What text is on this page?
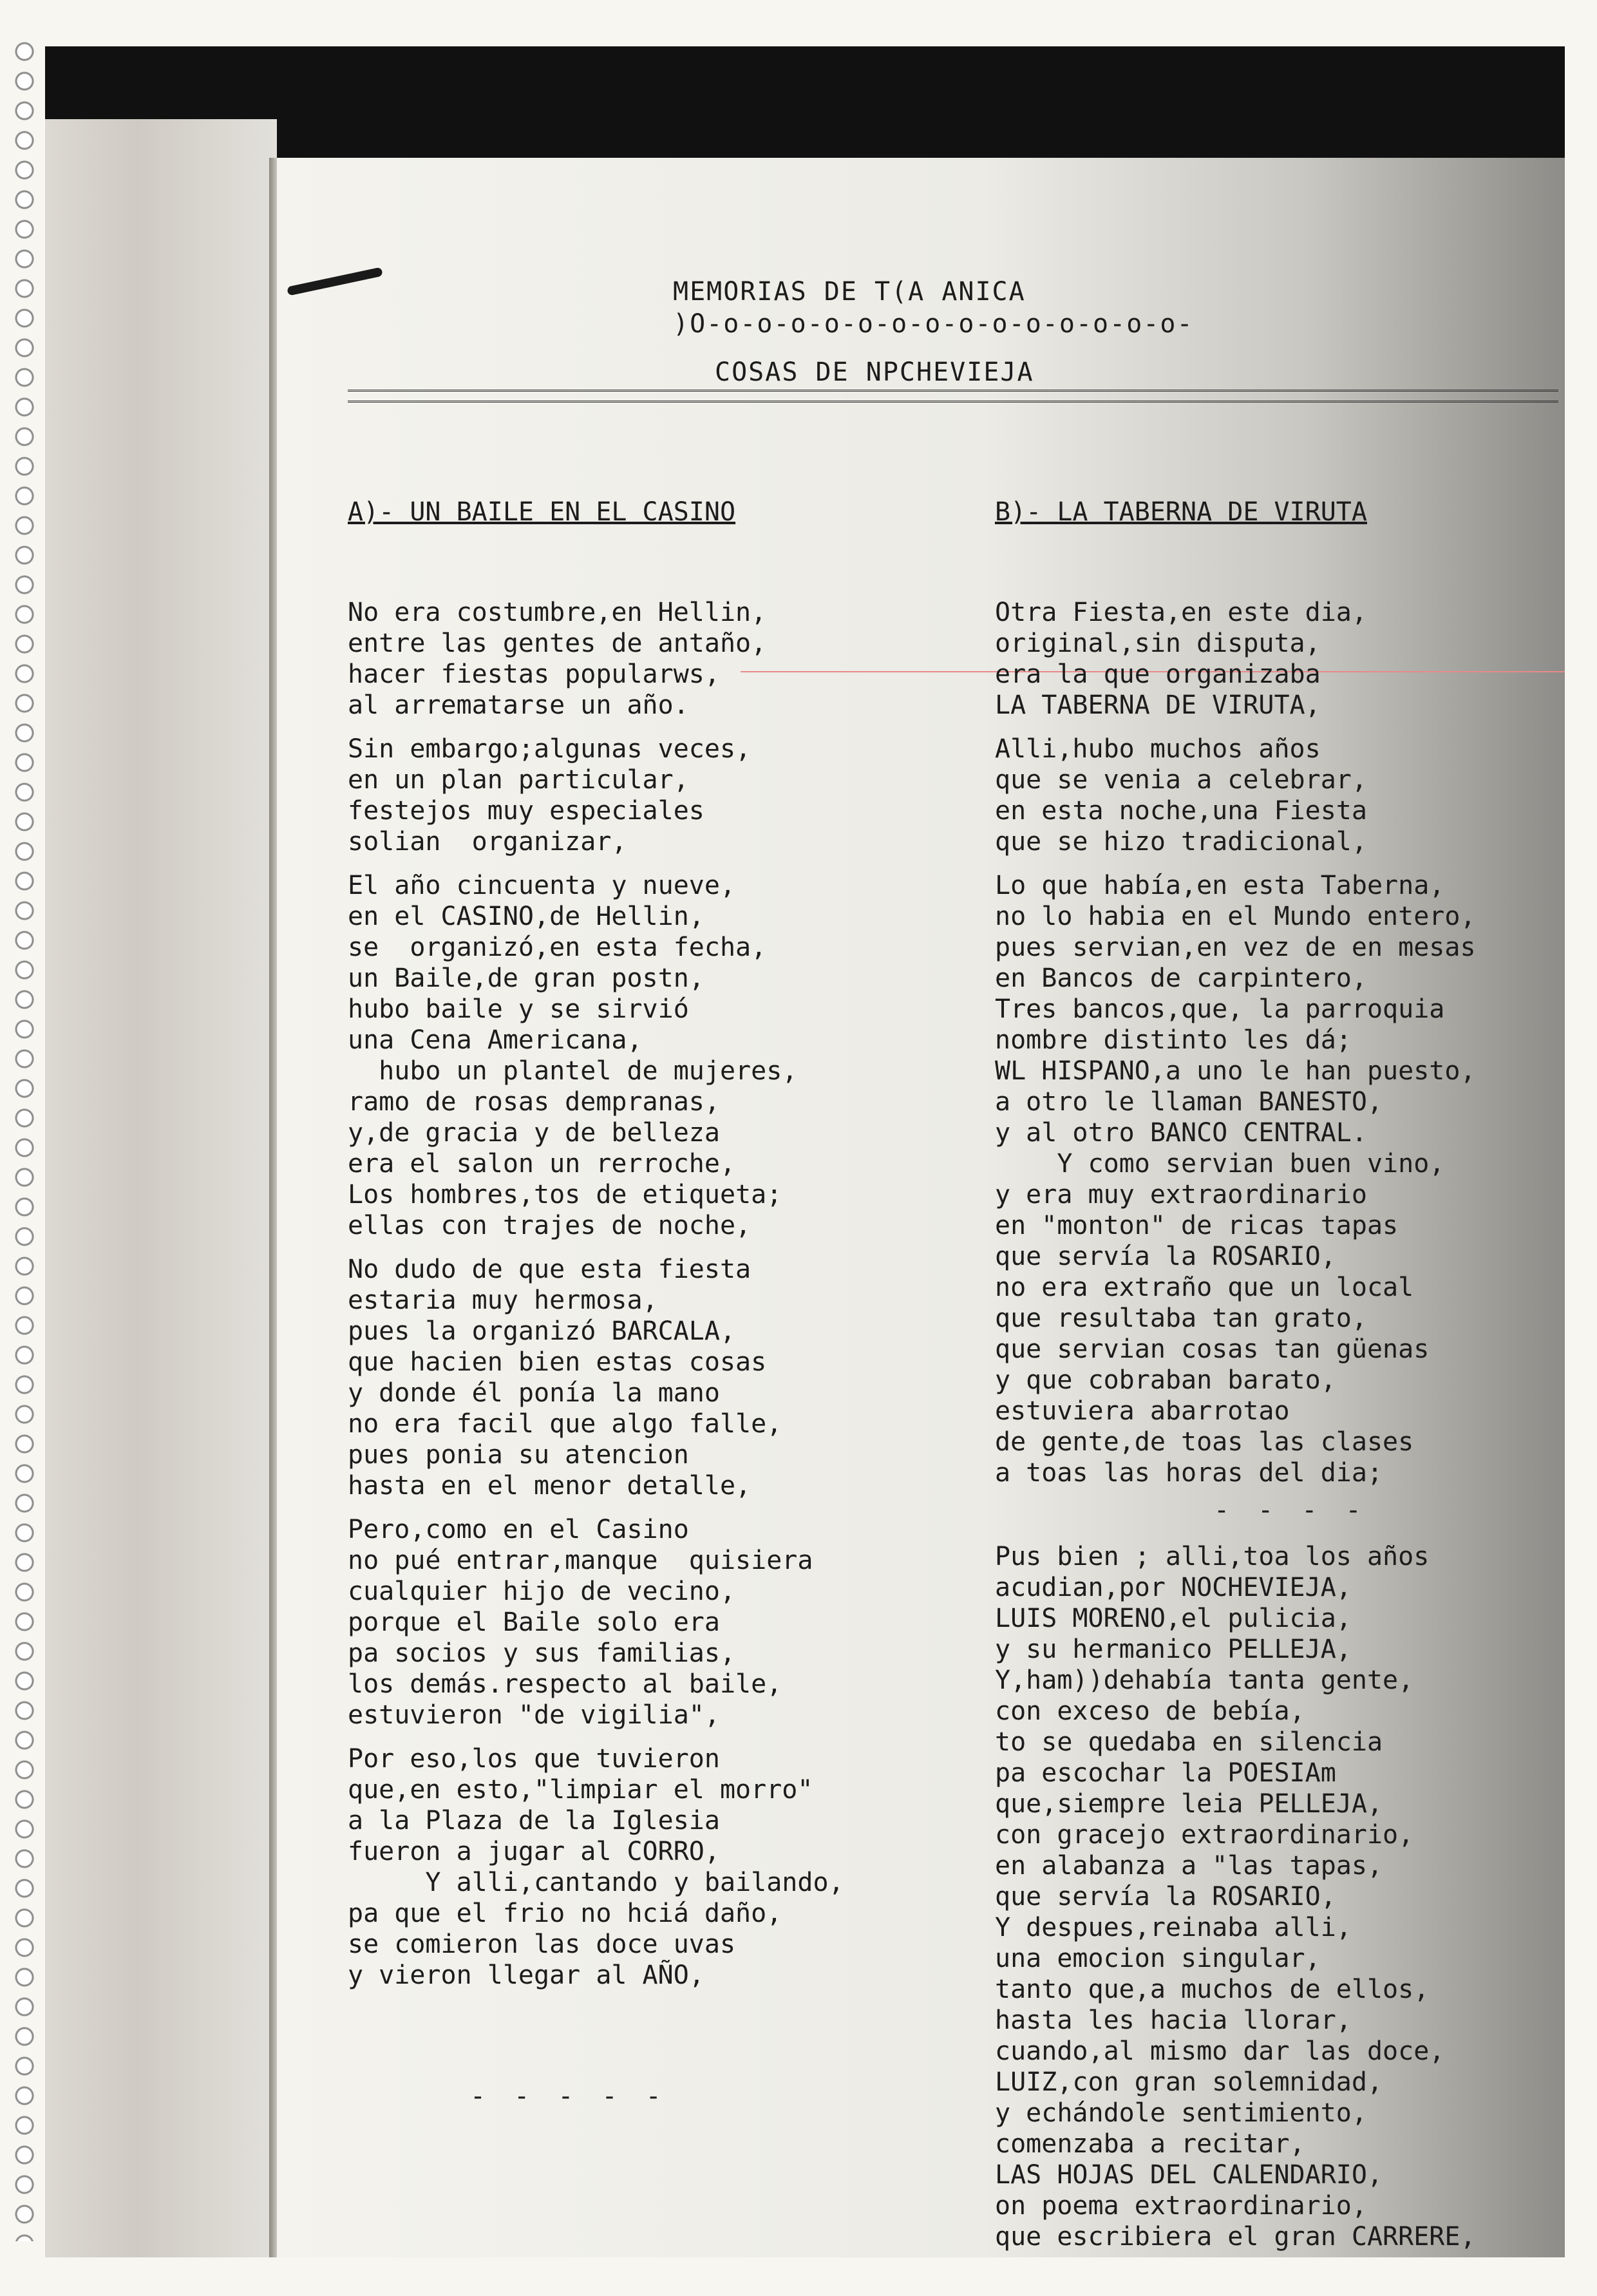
MEMORIAS DE T(A ANICA
)O-o-o-o-o-o-o-o-o-o-o-o-o-o-o-
COSAS DE NPCHEVIEJA

A)- UN BAILE EN EL CASINO

No era costumbre,en Hellin,
entre las gentes de antaño,
hacer fiestas popularws,
al arrematarse un año.
Sin embargo;algunas veces,
en un plan particular,
festejos muy especiales
solian  organizar,
El año cincuenta y nueve,
en el CASINO,de Hellin,
se  organizó,en esta fecha,
un Baile,de gran postn,
hubo baile y se sirvió
una Cena Americana,
hubo un plantel de mujeres,
ramo de rosas dempranas,
y,de gracia y de belleza
era el salon un rerroche,
Los hombres,tos de etiqueta;
ellas con trajes de noche,
No dudo de que esta fiesta
estaria muy hermosa,
pues la organizó BARCALA,
que hacien bien estas cosas
y donde él ponía la mano
no era facil que algo falle,
pues ponia su atencion
hasta en el menor detalle,
Pero,como en el Casino
no pué entrar,manque  quisiera
cualquier hijo de vecino,
porque el Baile solo era
pa socios y sus familias,
los demás.respecto al baile,
estuvieron "de vigilia",
Por eso,los que tuvieron
que,en esto,"limpiar el morro"
a la Plaza de la Iglesia
fueron a jugar al CORRO,
Y alli,cantando y bailando,
pa que el frio no hciá daño,
se comieron las doce uvas
y vieron llegar al AÑO,

- - - - -

B)- LA TABERNA DE VIRUTA

Otra Fiesta,en este dia,
original,sin disputa,
era la que organizaba
LA TABERNA DE VIRUTA,
Alli,hubo muchos años
que se venia a celebrar,
en esta noche,una Fiesta
que se hizo tradicional,
Lo que había,en esta Taberna,
no lo habia en el Mundo entero,
pues servian,en vez de en mesas
en Bancos de carpintero,
Tres bancos,que, la parroquia
nombre distinto les dá;
WL HISPANO,a uno le han puesto,
a otro le llaman BANESTO,
y al otro BANCO CENTRAL.
Y como servian buen vino,
y era muy extraordinario
en "monton" de ricas tapas
que servía la ROSARIO,
no era extraño que un local
que resultaba tan grato,
que servian cosas tan güenas
y que cobraban barato,
estuviera abarrotao
de gente,de toas las clases
a toas las horas del dia;
- - - -
Pus bien ; alli,toa los años
acudian,por NOCHEVIEJA,
LUIS MORENO,el pulicia,
y su hermanico PELLEJA,
Y,ham))dehabía tanta gente,
con exceso de bebía,
to se quedaba en silencia
pa escochar la POESIAm
que,siempre leia PELLEJA,
con gracejo extraordinario,
en alabanza a "las tapas,
que servía la ROSARIO,
Y despues,reinaba alli,
una emocion singular,
tanto que,a muchos de ellos,
hasta les hacia llorar,
cuando,al mismo dar las doce,
LUIZ,con gran solemnidad,
y echándole sentimiento,
comenzaba a recitar,
LAS HOJAS DEL CALENDARIO,
on poema extraordinario,
que escribiera el gran CARRERE,
